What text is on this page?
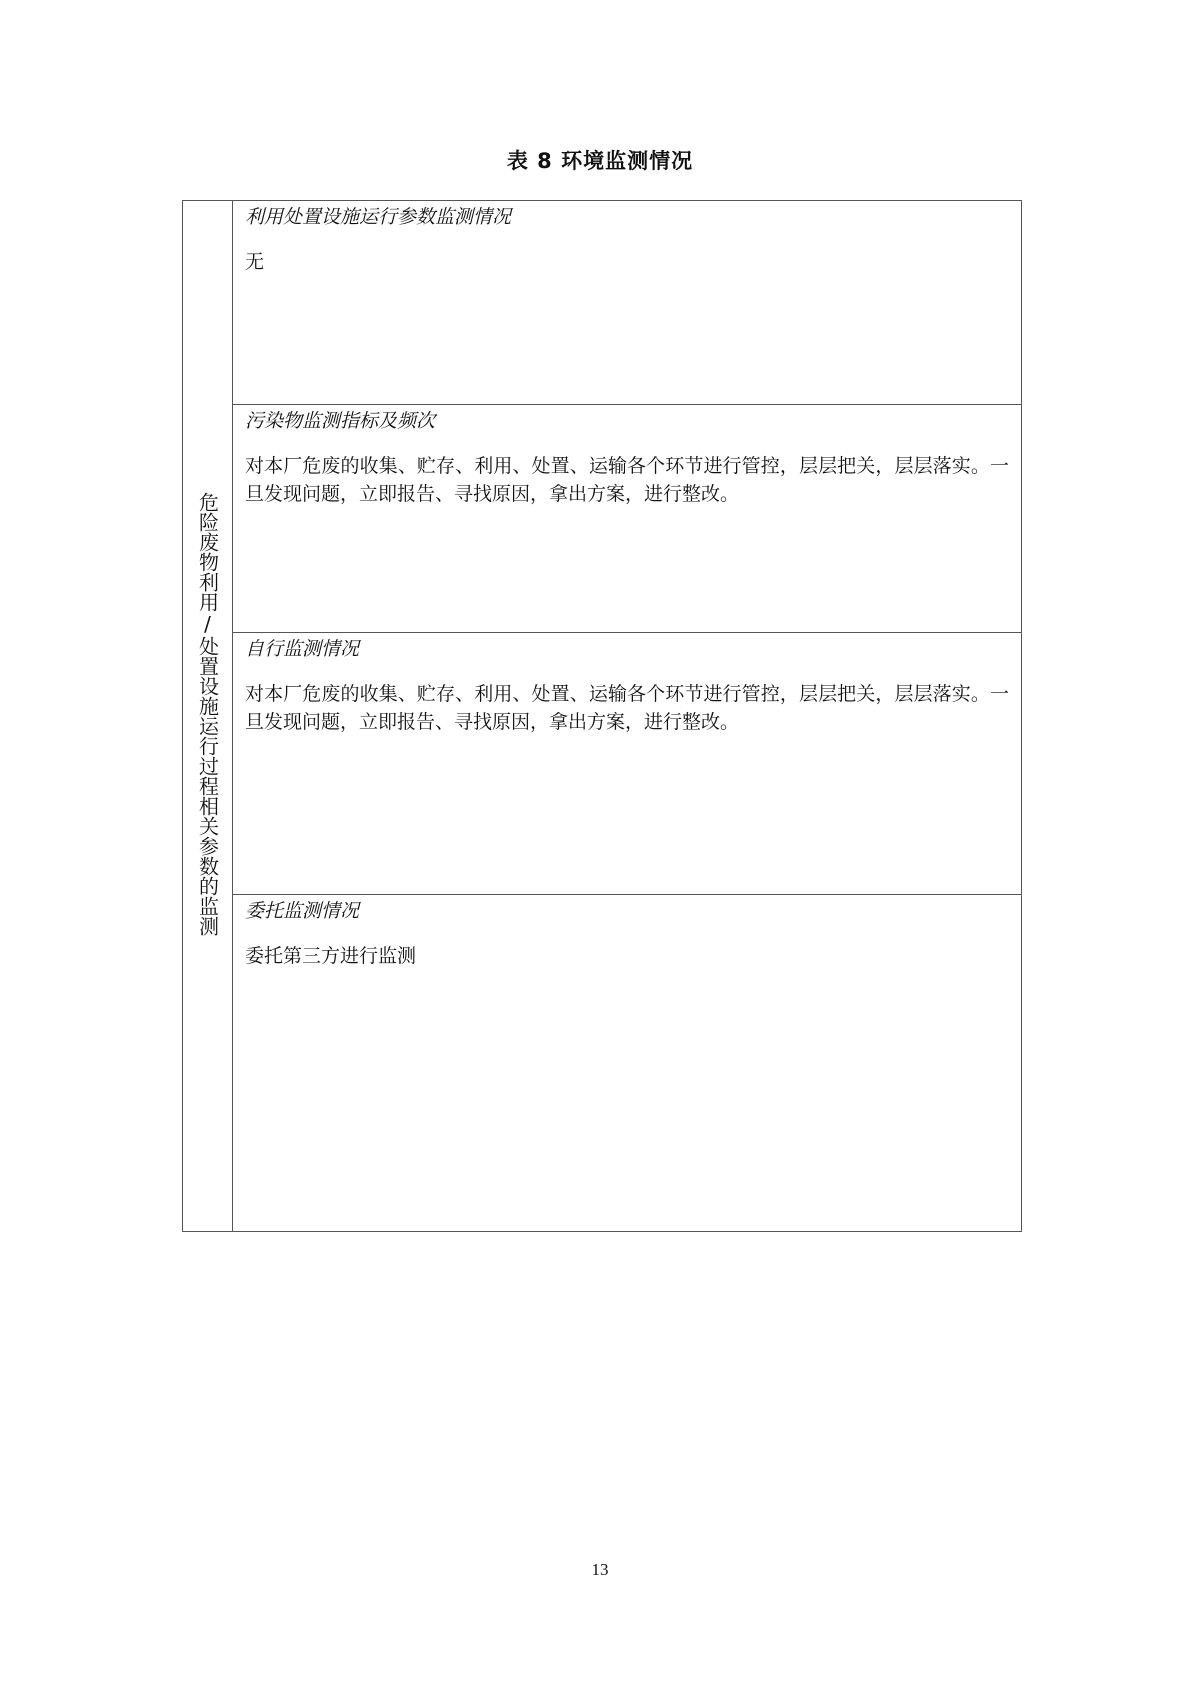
表 8 环境监测情况
危险废物利用/处置设施运行过程相关参数的监测	

利用处置设施运行参数监测情况

无

污染物监测指标及频次

对本厂危废的收集、贮存、利用、处置、运输各个环节进行管控，层层把关，层层落实。一旦发现问题，立即报告、寻找原因，拿出方案，进行整改。

自行监测情况

对本厂危废的收集、贮存、利用、处置、运输各个环节进行管控，层层把关，层层落实。一旦发现问题，立即报告、寻找原因，拿出方案，进行整改。

委托监测情况

委托第三方进行监测

13
